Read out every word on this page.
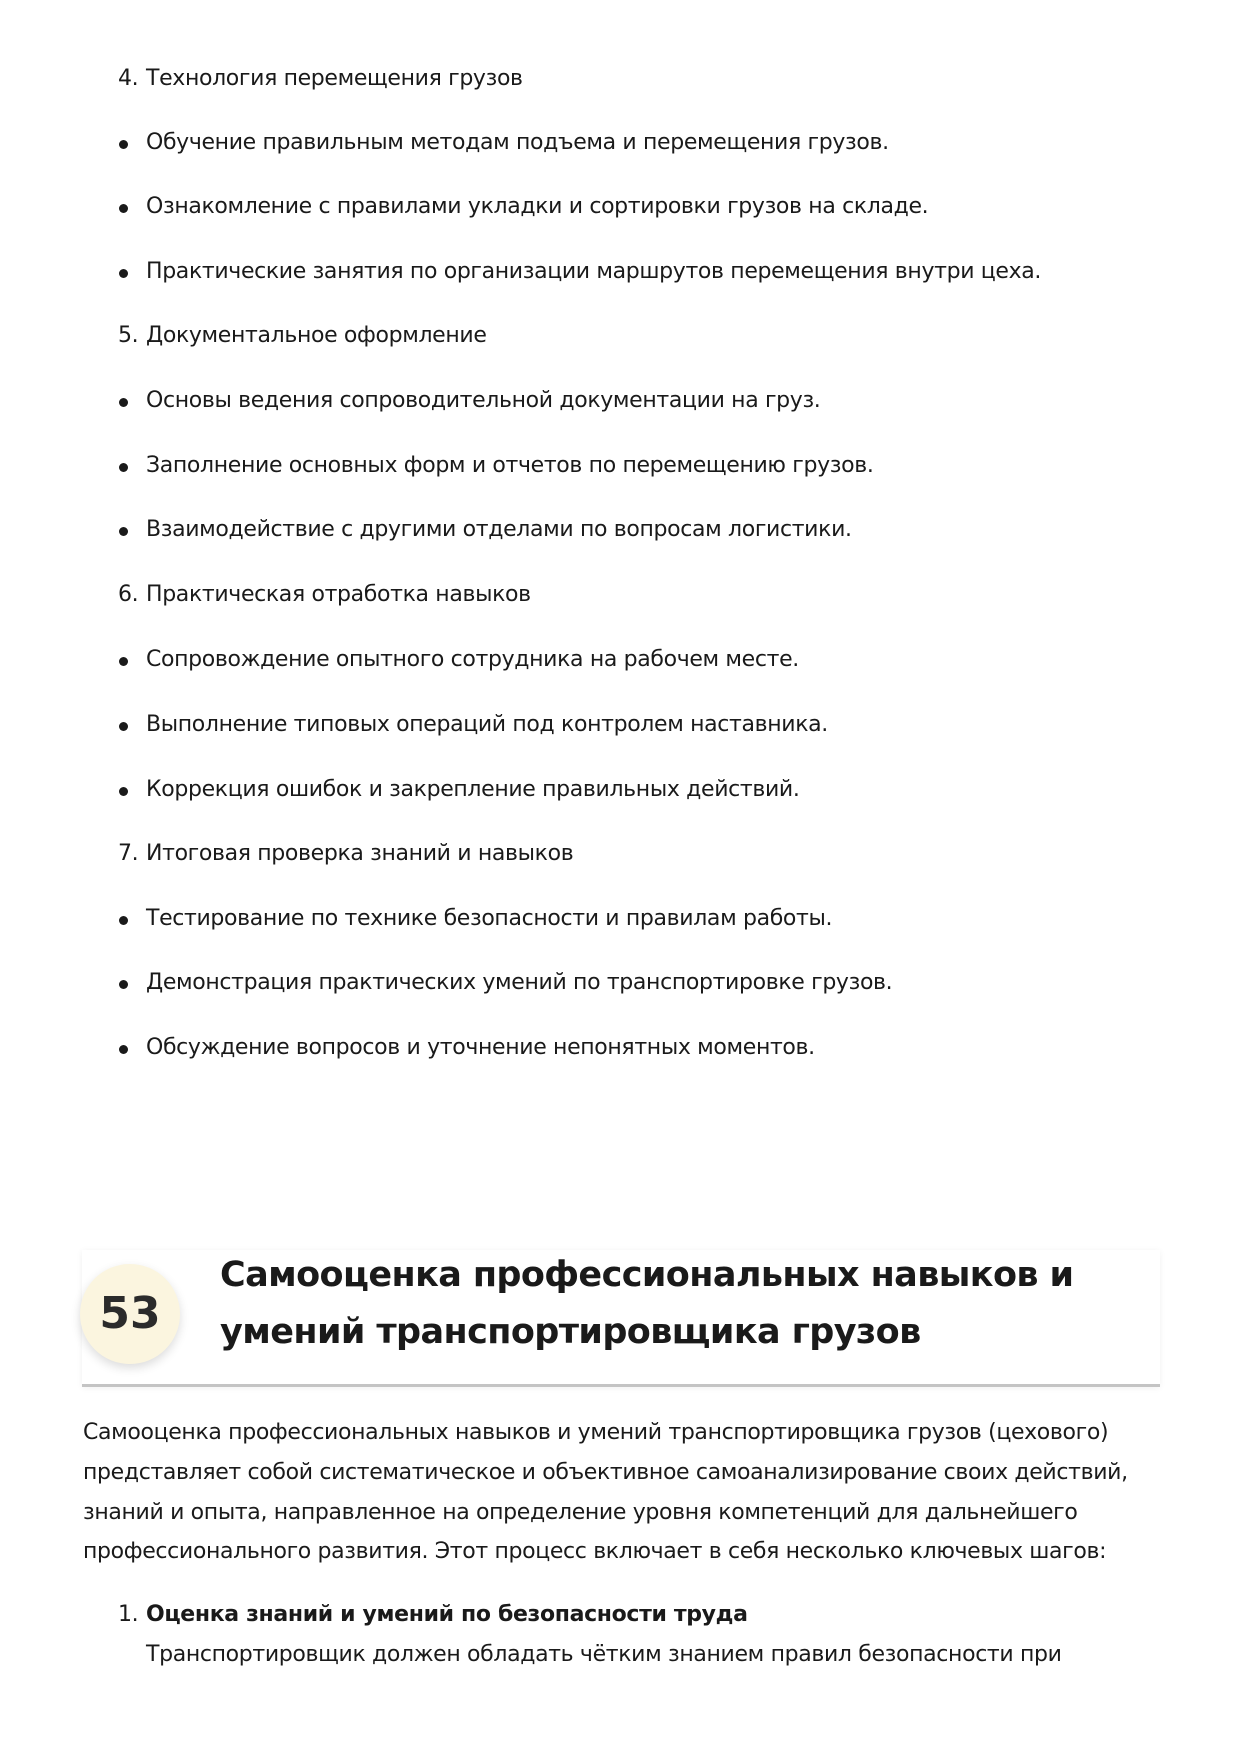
4. Технология перемещения грузов
Обучение правильным методам подъема и перемещения грузов.
Ознакомление с правилами укладки и сортировки грузов на складе.
Практические занятия по организации маршрутов перемещения внутри цеха.
5. Документальное оформление
Основы ведения сопроводительной документации на груз.
Заполнение основных форм и отчетов по перемещению грузов.
Взаимодействие с другими отделами по вопросам логистики.
6. Практическая отработка навыков
Сопровождение опытного сотрудника на рабочем месте.
Выполнение типовых операций под контролем наставника.
Коррекция ошибок и закрепление правильных действий.
7. Итоговая проверка знаний и навыков
Тестирование по технике безопасности и правилам работы.
Демонстрация практических умений по транспортировке грузов.
Обсуждение вопросов и уточнение непонятных моментов.
53
Самооценка профессиональных навыков и
умений транспортировщика грузов
Самооценка профессиональных навыков и умений транспортировщика грузов (цехового)
представляет собой систематическое и объективное самоанализирование своих действий,
знаний и опыта, направленное на определение уровня компетенций для дальнейшего
профессионального развития. Этот процесс включает в себя несколько ключевых шагов:
1. Оценка знаний и умений по безопасности труда
Транспортировщик должен обладать чётким знанием правил безопасности при
